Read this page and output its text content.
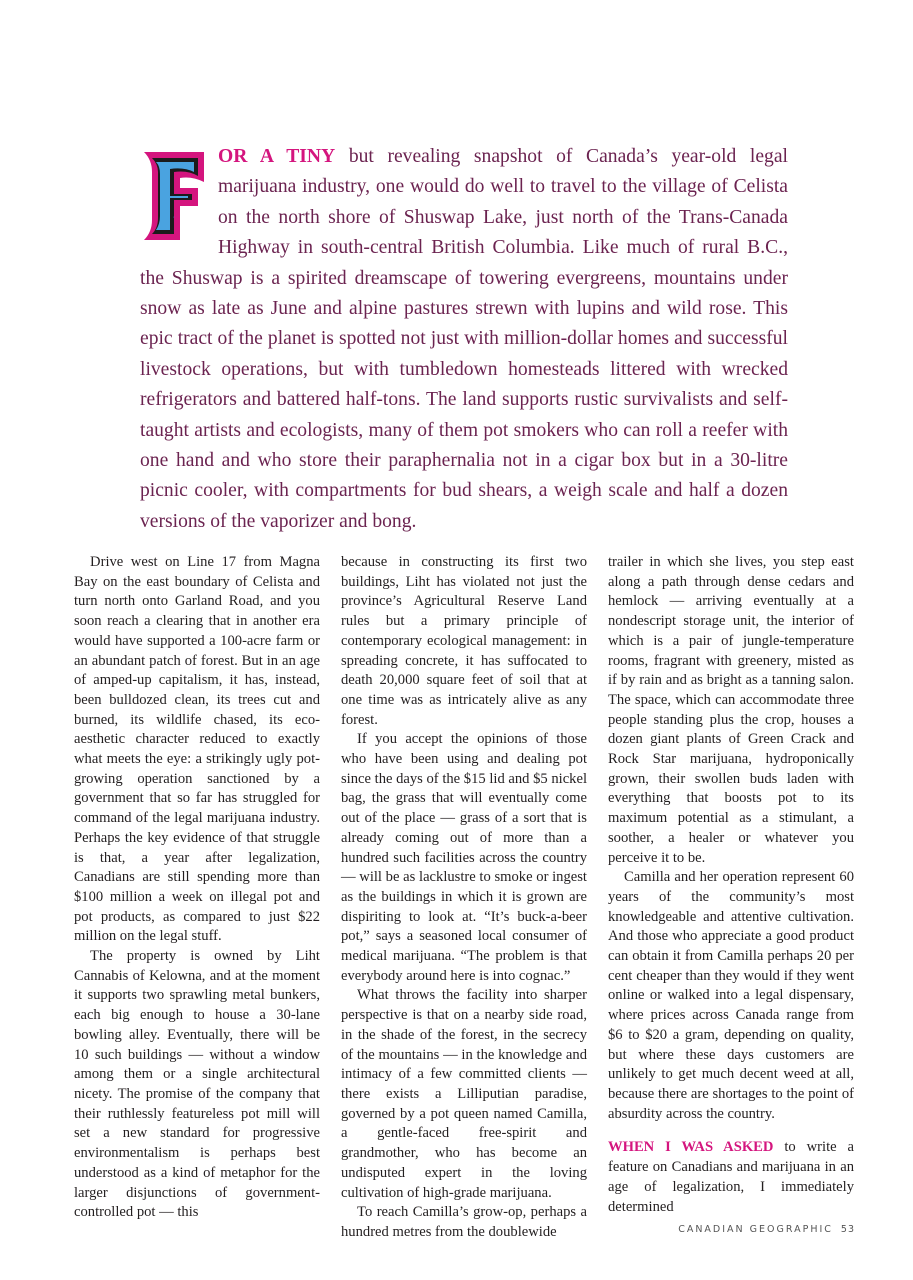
F
OR A TINY but revealing snapshot of Canada’s year-old legal marijuana industry, one would do well to travel to the village of Celista on the north shore of Shuswap Lake, just north of the Trans-Canada Highway in south-central British Columbia. Like much of rural B.C., the Shuswap is a spirited dreamscape of towering evergreens, mountains under snow as late as June and alpine pastures strewn with lupins and wild rose. This epic tract of the planet is spotted not just with million-dollar homes and successful livestock operations, but with tumbledown homesteads littered with wrecked refrigerators and battered half-tons. The land supports rustic survivalists and self-taught artists and ecologists, many of them pot smokers who can roll a reefer with one hand and who store their paraphernalia not in a cigar box but in a 30-litre picnic cooler, with compartments for bud shears, a weigh scale and half a dozen versions of the vaporizer and bong.

Drive west on Line 17 from Magna Bay on the east boundary of Celista and turn north onto Garland Road, and you soon reach a clearing that in another era would have supported a 100-acre farm or an abundant patch of forest. But in an age of amped-up capitalism, it has, instead, been bulldozed clean, its trees cut and burned, its wildlife chased, its eco-aesthetic character reduced to exactly what meets the eye: a strikingly ugly pot-growing operation sanctioned by a government that so far has struggled for command of the legal marijuana industry. Perhaps the key evidence of that struggle is that, a year after legalization, Canadians are still spending more than $100 million a week on illegal pot and pot products, as compared to just $22 million on the legal stuff.

The property is owned by Liht Cannabis of Kelowna, and at the moment it supports two sprawling metal bunkers, each big enough to house a 30-lane bowling alley. Eventually, there will be 10 such buildings — without a window among them or a single architectural nicety. The promise of the company that their ruthlessly featureless pot mill will set a new standard for progressive environmentalism is perhaps best understood as a kind of metaphor for the larger disjunctions of government-controlled pot — this

because in constructing its first two buildings, Liht has violated not just the province’s Agricultural Reserve Land rules but a primary principle of contemporary ecological management: in spreading concrete, it has suffocated to death 20,000 square feet of soil that at one time was as intricately alive as any forest.

If you accept the opinions of those who have been using and dealing pot since the days of the $15 lid and $5 nickel bag, the grass that will eventually come out of the place — grass of a sort that is already coming out of more than a hundred such facilities across the country — will be as lacklustre to smoke or ingest as the buildings in which it is grown are dispiriting to look at. “It’s buck-a-beer pot,” says a seasoned local consumer of medical marijuana. “The problem is that everybody around here is into cognac.”

What throws the facility into sharper perspective is that on a nearby side road, in the shade of the forest, in the secrecy of the mountains — in the knowledge and intimacy of a few committed clients — there exists a Lilliputian paradise, governed by a pot queen named Camilla, a gentle-faced free-spirit and grandmother, who has become an undisputed expert in the loving cultivation of high-grade marijuana.

To reach Camilla’s grow-op, perhaps a hundred metres from the doublewide

trailer in which she lives, you step east along a path through dense cedars and hemlock — arriving eventually at a nondescript storage unit, the interior of which is a pair of jungle-temperature rooms, fragrant with greenery, misted as if by rain and as bright as a tanning salon. The space, which can accommodate three people standing plus the crop, houses a dozen giant plants of Green Crack and Rock Star marijuana, hydroponically grown, their swollen buds laden with everything that boosts pot to its maximum potential as a stimulant, a soother, a healer or whatever you perceive it to be.

Camilla and her operation represent 60 years of the community’s most knowledgeable and attentive cultivation. And those who appreciate a good product can obtain it from Camilla perhaps 20 per cent cheaper than they would if they went online or walked into a legal dispensary, where prices across Canada range from $6 to $20 a gram, depending on quality, but where these days customers are unlikely to get much decent weed at all, because there are shortages to the point of absurdity across the country.

WHEN I WAS ASKED to write a feature on Canadians and marijuana in an age of legalization, I immediately determined

CANADIAN GEOGRAPHIC 53
